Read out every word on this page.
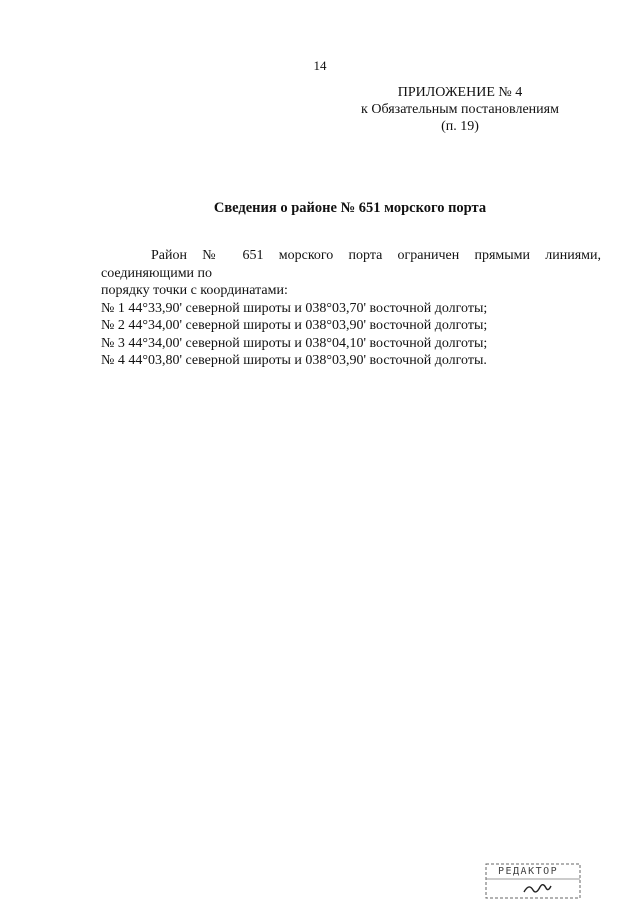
14
ПРИЛОЖЕНИЕ № 4
к Обязательным постановлениям
(п. 19)
Сведения о районе № 651 морского порта

Район № 651 морского порта ограничен прямыми линиями, соединяющими по

порядку точки с координатами:

№ 1 44°33,90' северной широты и 038°03,70' восточной долготы;

№ 2 44°34,00' северной широты и 038°03,90' восточной долготы;

№ 3 44°34,00' северной широты и 038°04,10' восточной долготы;

№ 4 44°03,80' северной широты и 038°03,90' восточной долготы.

РЕДАКТОР
